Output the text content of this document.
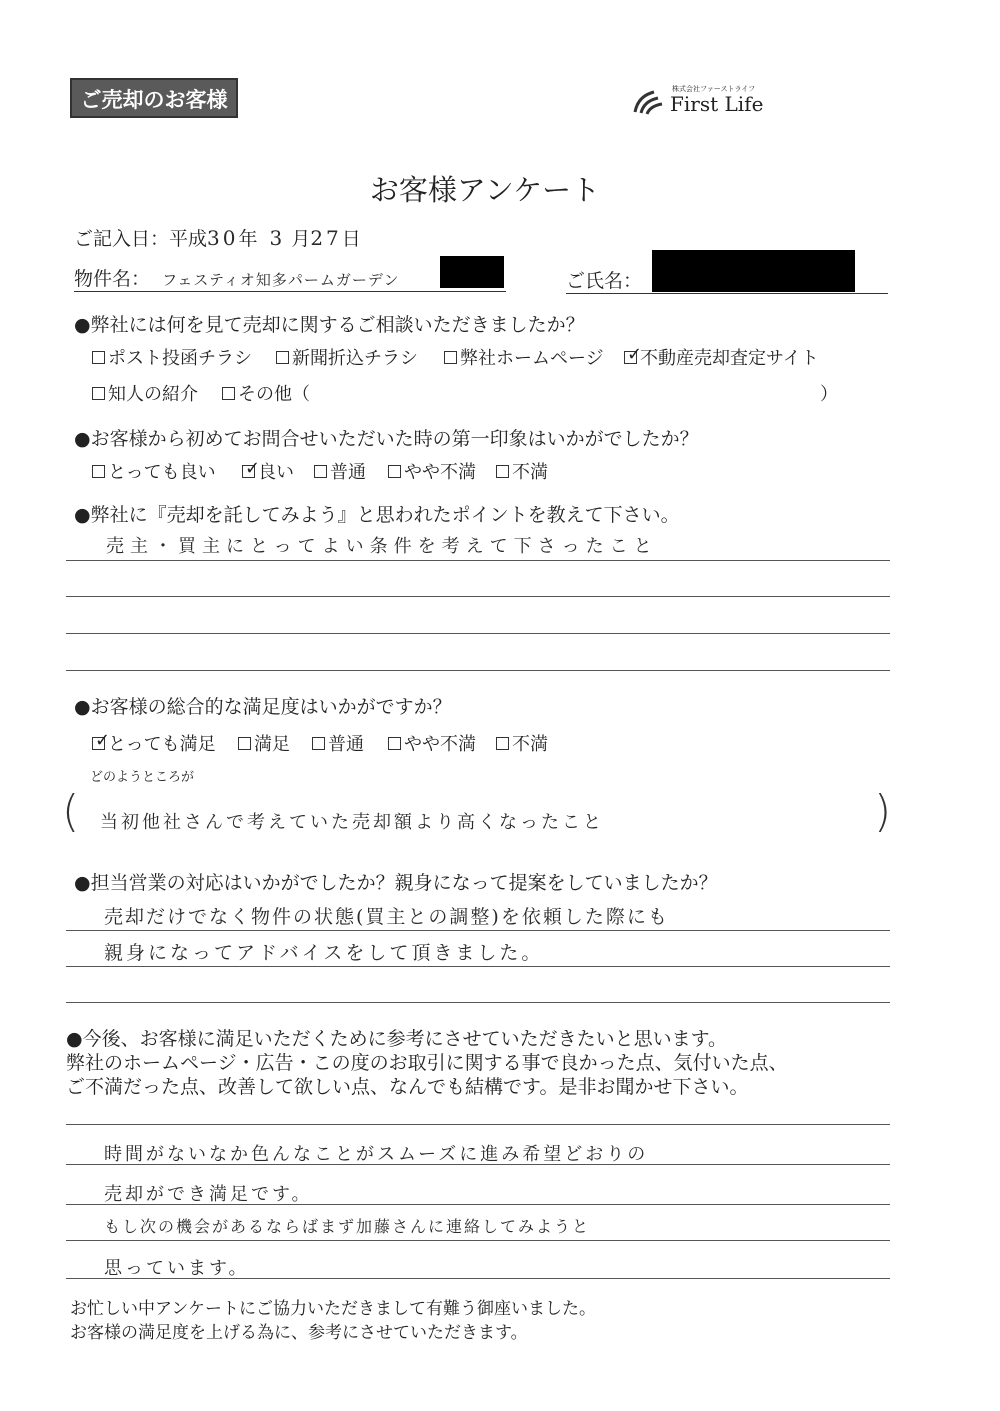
ご売却のお客様	株式会社ファーストライフ
First Life
お客様アンケート
ご記入日：平成30年 3 月27日
物件名： フェスティオ知多パームガーデン	ご氏名：
●弊社には何を見て売却に関するご相談いただきましたか？
ポスト投函チラシ	新聞折込チラシ	弊社ホームページ ✓
不動産売却査定サイト
知人の紹介	その他（	）
●お客様から初めてお問合せいただいた時の第一印象はいかがでしたか？
とっても良い ✓
良い	普通	やや不満	不満
●弊社に『売却を託してみよう』と思われたポイントを教えて下さい。
売主・買主にとってよい条件を考えて下さったこと
●お客様の総合的な満足度はいかがですか？
✓
とっても満足	満足	普通	やや不満	不満
どのようところが
(	)
当初他社さんで考えていた売却額より高くなったこと
●担当営業の対応はいかがでしたか？親身になって提案をしていましたか？
売却だけでなく物件の状態(買主との調整)を依頼した際にも
親身になってアドバイスをして頂きました。
●今後、お客様に満足いただくために参考にさせていただきたいと思います。
弊社のホームページ・広告・この度のお取引に関する事で良かった点、気付いた点、
ご不満だった点、改善して欲しい点、なんでも結構です。是非お聞かせ下さい。
時間がないなか色んなことがスムーズに進み希望どおりの
売却ができ満足です。
もし次の機会があるならばまず加藤さんに連絡してみようと
思っています。
お忙しい中アンケートにご協力いただきまして有難う御座いました。
お客様の満足度を上げる為に、参考にさせていただきます。
